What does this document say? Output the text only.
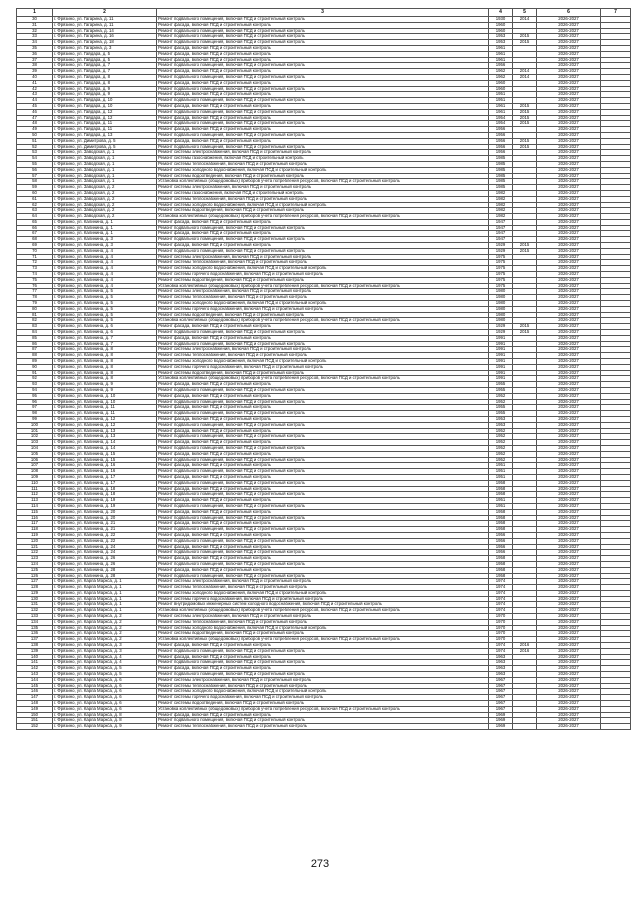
1	2	3	4	5	6	7
30	г. Фрязино, ул. Гагарина, д. 11	Ремонт подвального помещения, включая ПСД и строительный контроль	1930	2014	2026-2027	
31	г. Фрязино, ул. Гагарина, д. 11	Ремонт фасада, включая ПСД и строительный контроль	1960		2026-2027	
32	г. Фрязино, ул. Гагарина, д. 14	Ремонт подвального помещения, включая ПСД и строительный контроль	1960		2026-2027	
33	г. Фрязино, ул. Гагарина, д. 16	Ремонт подвального помещения, включая ПСД и строительный контроль	1953	2015	2026-2027	
34	г. Фрязино, ул. Гагарина, д. 18	Ремонт подвального помещения, включая ПСД и строительный контроль	1953	2015	2026-2027	
35	г. Фрязино, ул. Гагарина, д. 3	Ремонт фасада, включая ПСД и строительный контроль	1961		2026-2027	
36	г. Фрязино, ул. Гайдара, д. 5	Ремонт фасада, включая ПСД и строительный контроль	1961		2026-2027	
37	г. Фрязино, ул. Гайдара, д. 5	Ремонт фасада, включая ПСД и строительный контроль	1961		2026-2027	
38	г. Фрязино, ул. Гайдара, д. 7	Ремонт подвального помещения, включая ПСД и строительный контроль	1956		2026-2027	
39	г. Фрязино, ул. Гайдара, д. 7	Ремонт фасада, включая ПСД и строительный контроль	1962	2014	2026-2027	
40	г. Фрязино, ул. Гайдара, д. 8	Ремонт подвального помещения, включая ПСД и строительный контроль	1962	2014	2026-2027	
41	г. Фрязино, ул. Гайдара, д. 8	Ремонт фасада, включая ПСД и строительный контроль	1960		2026-2027	
42	г. Фрязино, ул. Гайдара, д. 9	Ремонт подвального помещения, включая ПСД и строительный контроль	1960		2026-2027	
43	г. Фрязино, ул. Гайдара, д. 9	Ремонт фасада, включая ПСД и строительный контроль	1951		2026-2027	
44	г. Фрязино, ул. Гайдара, д. 10	Ремонт подвального помещения, включая ПСД и строительный контроль	1951		2026-2027	
45	г. Фрязино, ул. Гайдара, д. 10	Ремонт фасада, включая ПСД и строительный контроль	1961	2015	2026-2027	
46	г. Фрязино, ул. Гайдара, д. 12	Ремонт подвального помещения, включая ПСД и строительный контроль	1961	2015	2026-2027	
47	г. Фрязино, ул. Гайдара, д. 12	Ремонт фасада, включая ПСД и строительный контроль	1954	2015	2026-2027	
48	г. Фрязино, ул. Гайдара, д. 11	Ремонт подвального помещения, включая ПСД и строительный контроль	1954	2015	2026-2027	
49	г. Фрязино, ул. Гайдара, д. 11	Ремонт фасада, включая ПСД и строительный контроль	1956		2026-2027	
50	г. Фрязино, ул. Гайдара, д. 13	Ремонт подвального помещения, включая ПСД и строительный контроль	1956		2026-2027	
51	г. Фрязино, ул. Димитрова, д. 5	Ремонт фасада, включая ПСД и строительный контроль	1956	2015	2026-2027	
52	г. Фрязино, ул. Димитрова, д. 5	Ремонт подвального помещения, включая ПСД и строительный контроль	1956	2015	2026-2027	
53	г. Фрязино, ул. Заводская, д. 1	Ремонт системы электроснабжения, включая ПСД и строительный контроль	1956		2026-2027	
54	г. Фрязино, ул. Заводская, д. 1	Ремонт системы газоснабжения, включая ПСД и строительный контроль	1985		2026-2027	
55	г. Фрязино, ул. Заводская, д. 1	Ремонт системы теплоснабжения, включая ПСД и строительный контроль	1985		2026-2027	
56	г. Фрязино, ул. Заводская, д. 1	Ремонт системы холодного водоснабжения, включая ПСД и строительный контроль	1985		2026-2027	
57	г. Фрязино, ул. Заводская, д. 1	Ремонт системы водоотведения, включая ПСД и строительный контроль	1985		2026-2027	
58	г. Фрязино, ул. Заводская, д. 1	Установка коллективных (общедомовых) приборов учета потребления ресурсов, включая ПСД и строительный контроль	1985		2026-2027	
59	г. Фрязино, ул. Заводская, д. 2	Ремонт системы электроснабжения, включая ПСД и строительный контроль	1985		2026-2027	
60	г. Фрязино, ул. Заводская, д. 2	Ремонт системы газоснабжения, включая ПСД и строительный контроль	1982		2026-2027	
61	г. Фрязино, ул. Заводская, д. 2	Ремонт системы теплоснабжения, включая ПСД и строительный контроль	1982		2026-2027	
62	г. Фрязино, ул. Заводская, д. 2	Ремонт системы холодного водоснабжения, включая ПСД и строительный контроль	1982		2026-2027	
63	г. Фрязино, ул. Заводская, д. 2	Ремонт системы водоотведения, включая ПСД и строительный контроль	1982		2026-2027	
64	г. Фрязино, ул. Заводская, д. 2	Установка коллективных (общедомовых) приборов учета потребления ресурсов, включая ПСД и строительный контроль	1982		2026-2027	
65	г. Фрязино, ул. Калинина, д. 1	Ремонт фасада, включая ПСД и строительный контроль	1947		2026-2027	
66	г. Фрязино, ул. Калинина, д. 1	Ремонт подвального помещения, включая ПСД и строительный контроль	1947		2026-2027	
67	г. Фрязино, ул. Калинина, д. 1	Ремонт фасада, включая ПСД и строительный контроль	1947		2026-2027	
68	г. Фрязино, ул. Калинина, д. 3	Ремонт подвального помещения, включая ПСД и строительный контроль	1947		2026-2027	
69	г. Фрязино, ул. Калинина, д. 3	Ремонт фасада, включая ПСД и строительный контроль	1929	2015	2026-2027	
70	г. Фрязино, ул. Калинина, д. 4	Ремонт подвального помещения, включая ПСД и строительный контроль	1929	2015	2026-2027	
71	г. Фрязино, ул. Калинина, д. 4	Ремонт системы электроснабжения, включая ПСД и строительный контроль	1975		2026-2027	
72	г. Фрязино, ул. Калинина, д. 4	Ремонт системы теплоснабжения, включая ПСД и строительный контроль	1975		2026-2027	
73	г. Фрязино, ул. Калинина, д. 4	Ремонт системы холодного водоснабжения, включая ПСД и строительный контроль	1975		2026-2027	
74	г. Фрязино, ул. Калинина, д. 4	Ремонт системы горячего водоснабжения, включая ПСД и строительный контроль	1975		2026-2027	
75	г. Фрязино, ул. Калинина, д. 4	Ремонт системы водоотведения, включая ПСД и строительный контроль	1975		2026-2027	
76	г. Фрязино, ул. Калинина, д. 4	Установка коллективных (общедомовых) приборов учета потребления ресурсов, включая ПСД и строительный контроль	1975		2026-2027	
77	г. Фрязино, ул. Калинина, д. 5	Ремонт системы электроснабжения, включая ПСД и строительный контроль	1980		2026-2027	
78	г. Фрязино, ул. Калинина, д. 5	Ремонт системы теплоснабжения, включая ПСД и строительный контроль	1980		2026-2027	
79	г. Фрязино, ул. Калинина, д. 5	Ремонт системы холодного водоснабжения, включая ПСД и строительный контроль	1980		2026-2027	
80	г. Фрязино, ул. Калинина, д. 5	Ремонт системы горячего водоснабжения, включая ПСД и строительный контроль	1980		2026-2027	
81	г. Фрязино, ул. Калинина, д. 5	Ремонт системы водоотведения, включая ПСД и строительный контроль	1980		2026-2027	
82	г. Фрязино, ул. Калинина, д. 5	Установка коллективных (общедомовых) приборов учета потребления ресурсов, включая ПСД и строительный контроль	1980		2026-2027	
83	г. Фрязино, ул. Калинина, д. 6	Ремонт фасада, включая ПСД и строительный контроль	1929	2015	2026-2027	
84	г. Фрязино, ул. Калинина, д. 6	Ремонт подвального помещения, включая ПСД и строительный контроль	1929	2015	2026-2027	
85	г. Фрязино, ул. Калинина, д. 7	Ремонт фасада, включая ПСД и строительный контроль	1991		2026-2027	
86	г. Фрязино, ул. Калинина, д. 7	Ремонт подвального помещения, включая ПСД и строительный контроль	1991		2026-2027	
87	г. Фрязино, ул. Калинина, д. 8	Ремонт системы электроснабжения, включая ПСД и строительный контроль	1991		2026-2027	
88	г. Фрязино, ул. Калинина, д. 8	Ремонт системы теплоснабжения, включая ПСД и строительный контроль	1991		2026-2027	
89	г. Фрязино, ул. Калинина, д. 8	Ремонт системы холодного водоснабжения, включая ПСД и строительный контроль	1991		2026-2027	
90	г. Фрязино, ул. Калинина, д. 8	Ремонт системы горячего водоснабжения, включая ПСД и строительный контроль	1991		2026-2027	
91	г. Фрязино, ул. Калинина, д. 8	Ремонт системы водоотведения, включая ПСД и строительный контроль	1991		2026-2027	
92	г. Фрязино, ул. Калинина, д. 8	Установка коллективных (общедомовых) приборов учета потребления ресурсов, включая ПСД и строительный контроль	1991		2026-2027	
93	г. Фрязино, ул. Калинина, д. 9	Ремонт фасада, включая ПСД и строительный контроль	1955		2026-2027	
94	г. Фрязино, ул. Калинина, д. 9	Ремонт подвального помещения, включая ПСД и строительный контроль	1955		2026-2027	
95	г. Фрязино, ул. Калинина, д. 10	Ремонт фасада, включая ПСД и строительный контроль	1952		2026-2027	
96	г. Фрязино, ул. Калинина, д. 10	Ремонт подвального помещения, включая ПСД и строительный контроль	1952		2026-2027	
97	г. Фрязино, ул. Калинина, д. 11	Ремонт фасада, включая ПСД и строительный контроль	1955		2026-2027	
98	г. Фрязино, ул. Калинина, д. 11	Ремонт подвального помещения, включая ПСД и строительный контроль	1955		2026-2027	
99	г. Фрязино, ул. Калинина, д. 12	Ремонт фасада, включая ПСД и строительный контроль	1953		2026-2027	
100	г. Фрязино, ул. Калинина, д. 12	Ремонт подвального помещения, включая ПСД и строительный контроль	1953		2026-2027	
101	г. Фрязино, ул. Калинина, д. 13	Ремонт фасада, включая ПСД и строительный контроль	1952		2026-2027	
102	г. Фрязино, ул. Калинина, д. 13	Ремонт подвального помещения, включая ПСД и строительный контроль	1952		2026-2027	
103	г. Фрязино, ул. Калинина, д. 14	Ремонт фасада, включая ПСД и строительный контроль	1952		2026-2027	
104	г. Фрязино, ул. Калинина, д. 14	Ремонт подвального помещения, включая ПСД и строительный контроль	1952		2026-2027	
105	г. Фрязино, ул. Калинина, д. 15	Ремонт фасада, включая ПСД и строительный контроль	1952		2026-2027	
106	г. Фрязино, ул. Калинина, д. 15	Ремонт подвального помещения, включая ПСД и строительный контроль	1952		2026-2027	
107	г. Фрязино, ул. Калинина, д. 16	Ремонт фасада, включая ПСД и строительный контроль	1951		2026-2027	
108	г. Фрязино, ул. Калинина, д. 16	Ремонт подвального помещения, включая ПСД и строительный контроль	1951		2026-2027	
109	г. Фрязино, ул. Калинина, д. 17	Ремонт фасада, включая ПСД и строительный контроль	1951		2026-2027	
110	г. Фрязино, ул. Калинина, д. 17	Ремонт подвального помещения, включая ПСД и строительный контроль	1958		2026-2027	
111	г. Фрязино, ул. Калинина, д. 18	Ремонт фасада, включая ПСД и строительный контроль	1958		2026-2027	
112	г. Фрязино, ул. Калинина, д. 18	Ремонт подвального помещения, включая ПСД и строительный контроль	1958		2026-2027	
113	г. Фрязино, ул. Калинина, д. 19	Ремонт фасада, включая ПСД и строительный контроль	1951		2026-2027	
114	г. Фрязино, ул. Калинина, д. 19	Ремонт подвального помещения, включая ПСД и строительный контроль	1951		2026-2027	
115	г. Фрязино, ул. Калинина, д. 20	Ремонт фасада, включая ПСД и строительный контроль	1958		2026-2027	
116	г. Фрязино, ул. Калинина, д. 20	Ремонт подвального помещения, включая ПСД и строительный контроль	1958		2026-2027	
117	г. Фрязино, ул. Калинина, д. 21	Ремонт фасада, включая ПСД и строительный контроль	1958		2026-2027	
118	г. Фрязино, ул. Калинина, д. 21	Ремонт подвального помещения, включая ПСД и строительный контроль	1958		2026-2027	
119	г. Фрязино, ул. Калинина, д. 22	Ремонт фасада, включая ПСД и строительный контроль	1956		2026-2027	
120	г. Фрязино, ул. Калинина, д. 22	Ремонт подвального помещения, включая ПСД и строительный контроль	1956		2026-2027	
121	г. Фрязино, ул. Калинина, д. 24	Ремонт фасада, включая ПСД и строительный контроль	1956		2026-2027	
122	г. Фрязино, ул. Калинина, д. 24	Ремонт подвального помещения, включая ПСД и строительный контроль	1956		2026-2027	
123	г. Фрязино, ул. Калинина, д. 26	Ремонт фасада, включая ПСД и строительный контроль	1958		2026-2027	
124	г. Фрязино, ул. Калинина, д. 26	Ремонт подвального помещения, включая ПСД и строительный контроль	1958		2026-2027	
125	г. Фрязино, ул. Калинина, д. 28	Ремонт фасада, включая ПСД и строительный контроль	1958		2026-2027	
126	г. Фрязино, ул. Калинина, д. 28	Ремонт подвального помещения, включая ПСД и строительный контроль	1958		2026-2027	
127	г. Фрязино, ул. Карла Маркса, д. 1	Ремонт системы электроснабжения, включая ПСД и строительный контроль	1974		2026-2027	
128	г. Фрязино, ул. Карла Маркса, д. 1	Ремонт системы теплоснабжения, включая ПСД и строительный контроль	1974		2026-2027	
129	г. Фрязино, ул. Карла Маркса, д. 1	Ремонт системы холодного водоснабжения, включая ПСД и строительный контроль	1974		2026-2027	
130	г. Фрязино, ул. Карла Маркса, д. 1	Ремонт системы горячего водоснабжения, включая ПСД и строительный контроль	1974		2026-2027	
131	г. Фрязино, ул. Карла Маркса, д. 1	Ремонт внутридомовых инженерных систем холодного водоснабжения, включая ПСД и строительный контроль	1974		2026-2027	
132	г. Фрязино, ул. Карла Маркса, д. 1	Установка коллективных (общедомовых) приборов учета потребления ресурсов, включая ПСД и строительный контроль	1974		2026-2027	
133	г. Фрязино, ул. Карла Маркса, д. 2	Ремонт системы электроснабжения, включая ПСД и строительный контроль	1970		2026-2027	
134	г. Фрязино, ул. Карла Маркса, д. 2	Ремонт системы теплоснабжения, включая ПСД и строительный контроль	1970		2026-2027	
135	г. Фрязино, ул. Карла Маркса, д. 2	Ремонт системы холодного водоснабжения, включая ПСД и строительный контроль	1970		2026-2027	
136	г. Фрязино, ул. Карла Маркса, д. 2	Ремонт системы водоотведения, включая ПСД и строительный контроль	1970		2026-2027	
137	г. Фрязино, ул. Карла Маркса, д. 2	Установка коллективных (общедомовых) приборов учета потребления ресурсов, включая ПСД и строительный контроль	1970		2026-2027	
138	г. Фрязино, ул. Карла Маркса, д. 3	Ремонт фасада, включая ПСД и строительный контроль	1974	2016	2026-2027	
139	г. Фрязино, ул. Карла Маркса, д. 3	Ремонт подвального помещения, включая ПСД и строительный контроль	1974	2016	2026-2027	
140	г. Фрязино, ул. Карла Маркса, д. 4	Ремонт фасада, включая ПСД и строительный контроль	1963		2026-2027	
141	г. Фрязино, ул. Карла Маркса, д. 4	Ремонт подвального помещения, включая ПСД и строительный контроль	1963		2026-2027	
142	г. Фрязино, ул. Карла Маркса, д. 5	Ремонт фасада, включая ПСД и строительный контроль	1963		2026-2027	
143	г. Фрязино, ул. Карла Маркса, д. 5	Ремонт подвального помещения, включая ПСД и строительный контроль	1963		2026-2027	
144	г. Фрязино, ул. Карла Маркса, д. 6	Ремонт системы электроснабжения, включая ПСД и строительный контроль	1967		2026-2027	
145	г. Фрязино, ул. Карла Маркса, д. 6	Ремонт системы теплоснабжения, включая ПСД и строительный контроль	1967		2026-2027	
146	г. Фрязино, ул. Карла Маркса, д. 6	Ремонт системы холодного водоснабжения, включая ПСД и строительный контроль	1967		2026-2027	
147	г. Фрязино, ул. Карла Маркса, д. 6	Ремонт системы горячего водоснабжения, включая ПСД и строительный контроль	1967		2026-2027	
148	г. Фрязино, ул. Карла Маркса, д. 6	Ремонт системы водоотведения, включая ПСД и строительный контроль	1967		2026-2027	
149	г. Фрязино, ул. Карла Маркса, д. 6	Установка коллективных (общедомовых) приборов учета потребления ресурсов, включая ПСД и строительный контроль	1967		2026-2027	
150	г. Фрязино, ул. Карла Маркса, д. 8	Ремонт фасада, включая ПСД и строительный контроль	1969		2026-2027	
151	г. Фрязино, ул. Карла Маркса, д. 8	Ремонт подвального помещения, включая ПСД и строительный контроль	1969		2026-2027	
152	г. Фрязино, ул. Карла Маркса, д. 9	Ремонт системы теплоснабжения, включая ПСД и строительный контроль	1969		2026-2027	
273
